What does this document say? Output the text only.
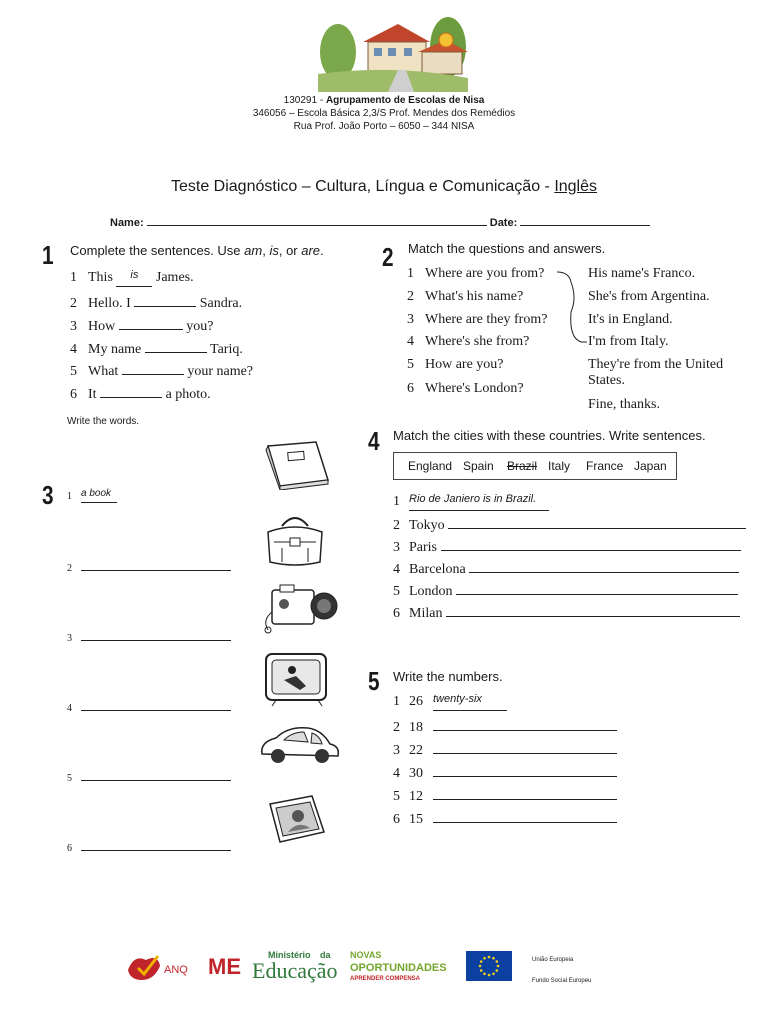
130291 - Agrupamento de Escolas de Nisa
346056 – Escola Básica 2,3/S Prof. Mendes dos Remédios
Rua Prof. João Porto – 6050 – 344 NISA
Teste Diagnóstico – Cultura, Língua e Comunicação - Inglês
Name:	Date:
1 Complete the sentences. Use am, is, or are.
1 This is James.
2 Hello. I	Sandra.
3 How	you?
4 My name	Tariq.
5 What	your name?
6 It	a photo.
2 Match the questions and answers.
1 Where are you from?
2 What's his name?
3 Where are they from?
4 Where's she from?
5 How are you?
6 Where's London?
His name's Franco.
She's from Argentina.
It's in England.
I'm from Italy.
They're from the United
States.
Fine, thanks.
Write the words.
3 1 a book
2
3
4
5
6
4 Match the cities with these countries. Write sentences.
England Spain Brazil Italy France Japan
1 Rio de Janiero is in Brazil.
2 Tokyo
3 Paris
4 Barcelona
5 London
6 Milan
5 Write the numbers.
1 26 twenty-six
2 18
3 22
4 30
5 12
6 15
ANQ ME	Ministério da
Educação
NOVAS
OPORTUNIDADES
APRENDER COMPENSA
União Europeia
Fundo Social Europeu
